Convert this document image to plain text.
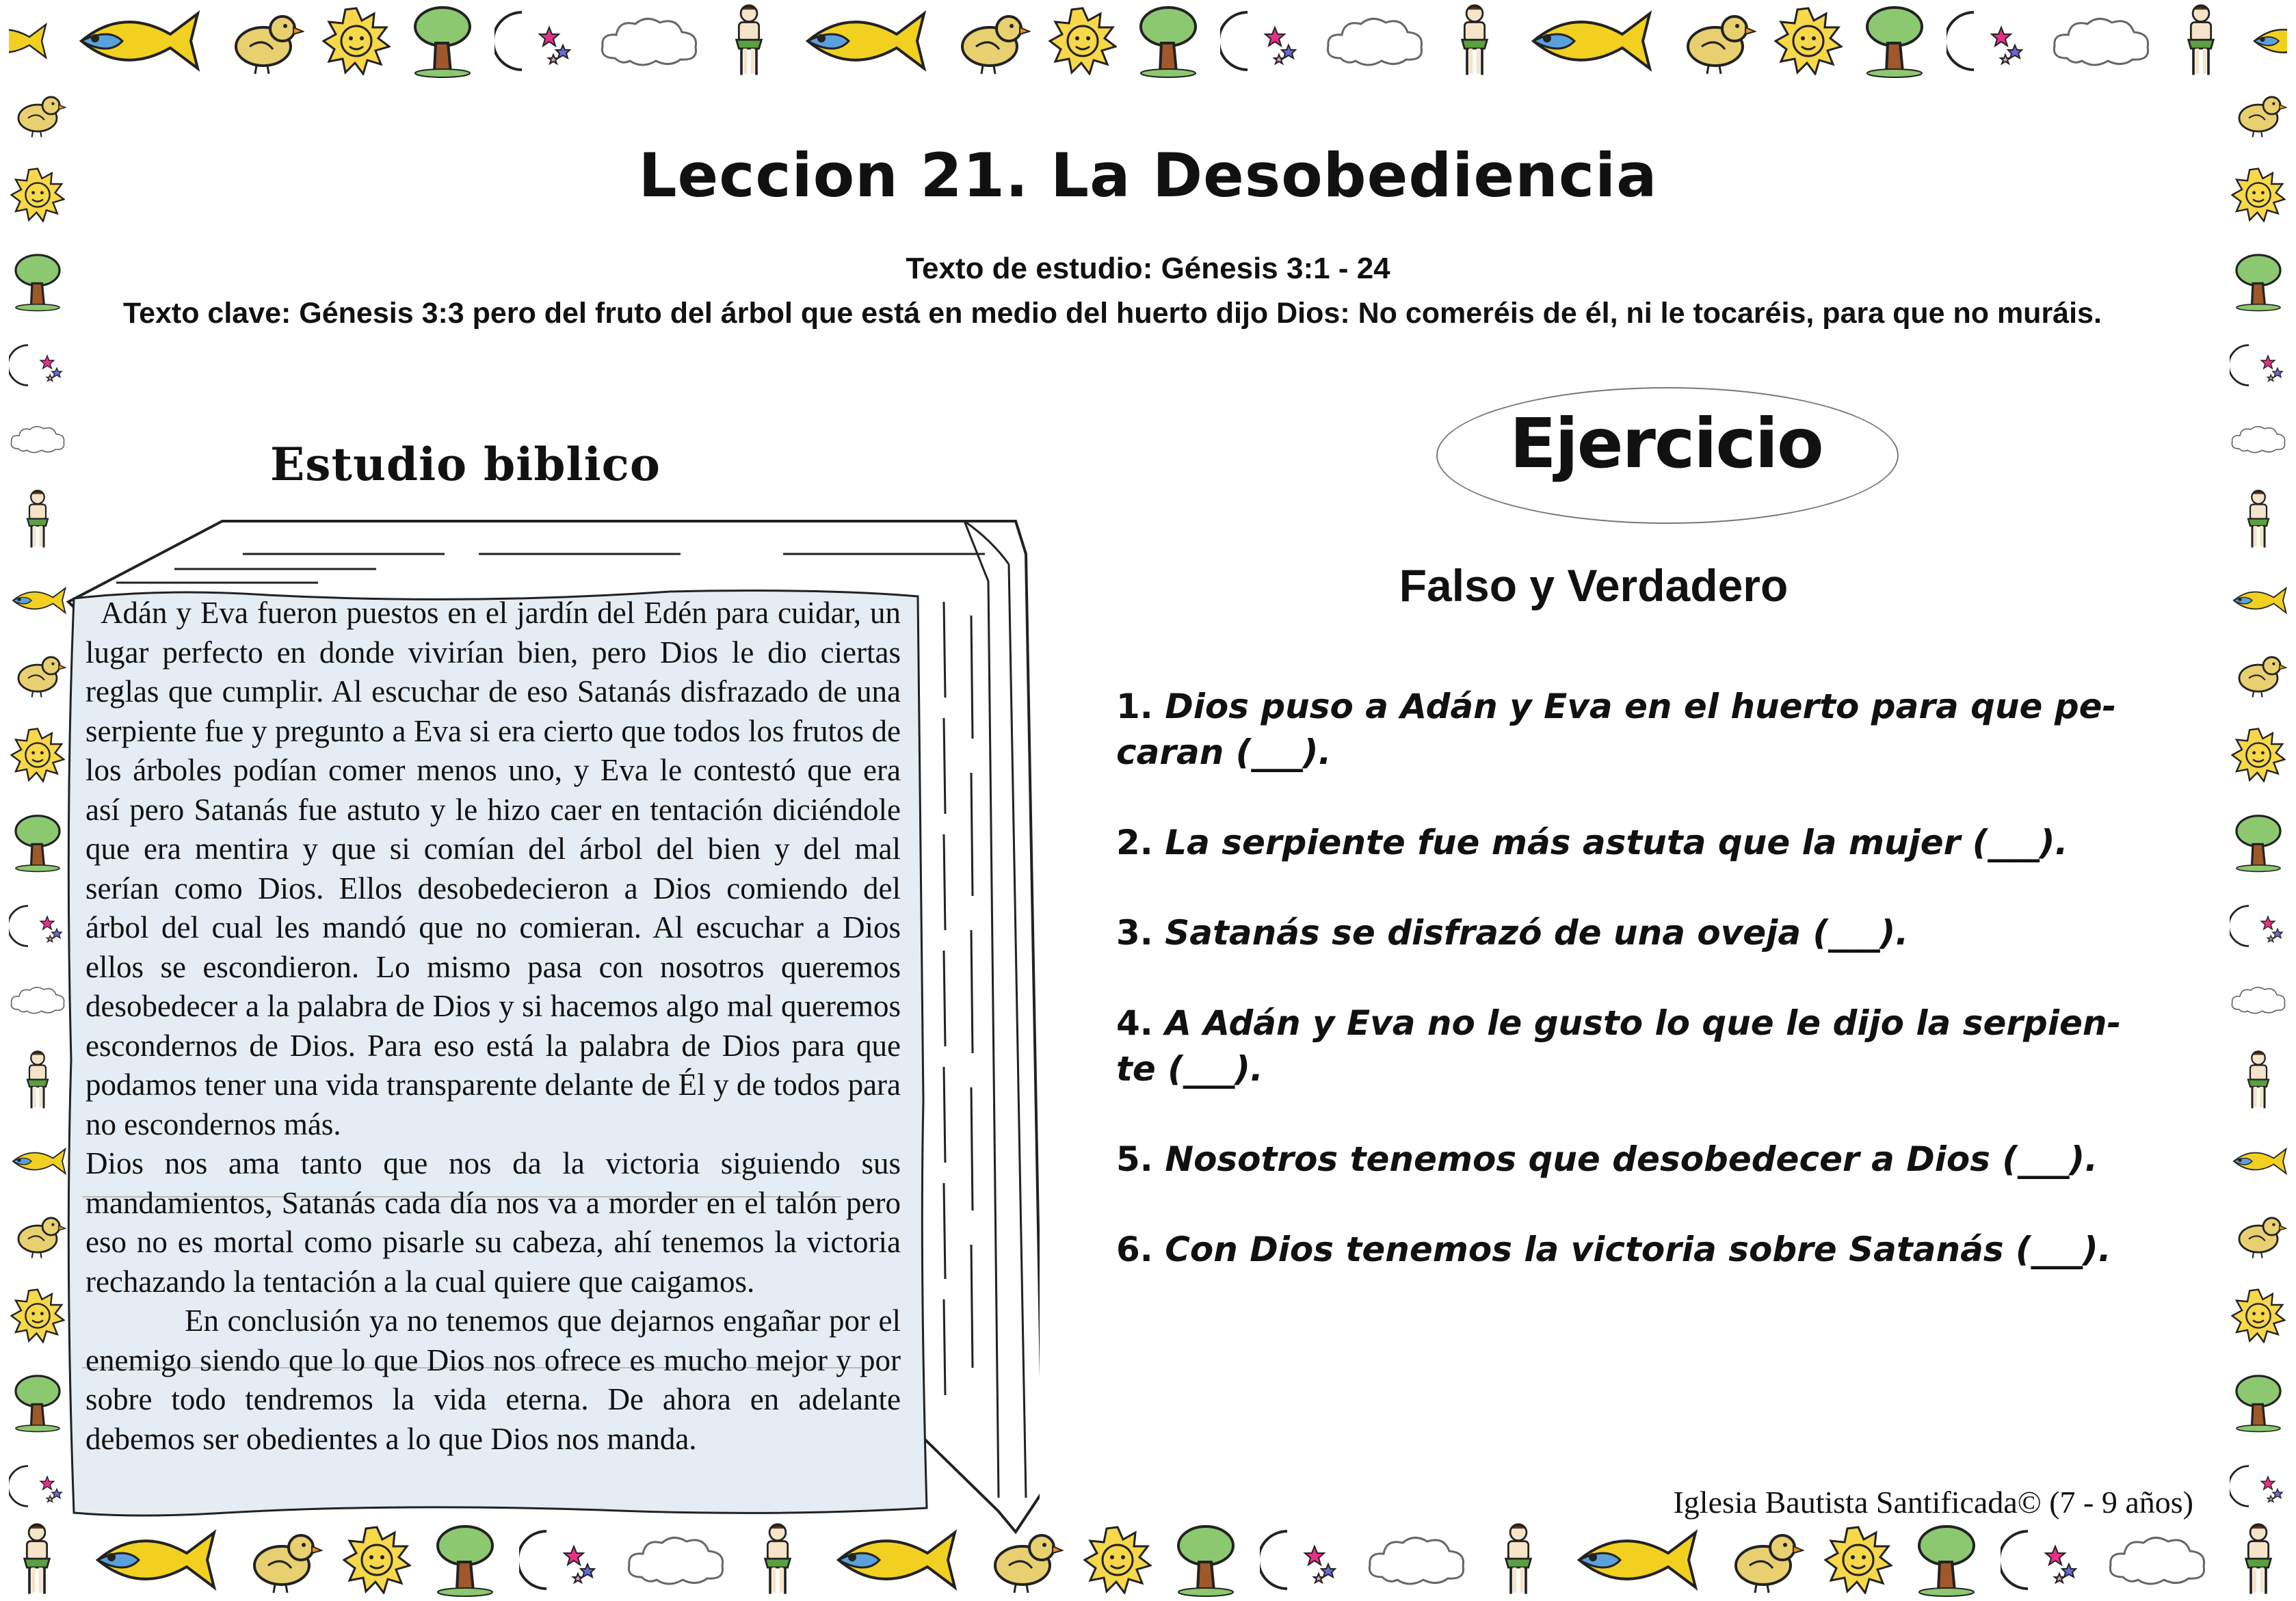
Leccion 21. La Desobediencia
Texto de estudio: Génesis 3:1 - 24
Texto clave: Génesis 3:3 pero del fruto del árbol que está en medio del huerto dijo Dios: No comeréis de él, ni le tocaréis, para que no muráis.
Estudio biblico

Adán y Eva fueron puestos en el jardín del Edén para cuidar, un lugar perfecto en donde vivirían bien, pero Dios le dio ciertas reglas que cumplir. Al escuchar de eso Satanás disfrazado de una serpiente fue y pregunto a Eva si era cierto que todos los frutos de los árboles podían comer menos uno, y Eva le contestó que era así pero Satanás fue astuto y le hizo caer en tentación diciéndole que era mentira y que si comían del árbol del bien y del mal serían como Dios. Ellos desobedecieron a Dios comiendo del árbol del cual les mandó que no comieran. Al escuchar a Dios ellos se escondieron. Lo mismo pasa con nosotros queremos desobedecer a la palabra de Dios y si hacemos algo mal queremos escondernos de Dios. Para eso está la palabra de Dios para que podamos tener una vida transparente delante de Él y de todos para no escondernos más.

Dios nos ama tanto que nos da la victoria siguiendo sus mandamientos, Satanás cada día nos va a morder en el talón pero eso no es mortal como pisarle su cabeza, ahí tenemos la victoria rechazando la tentación a la cual quiere que caigamos.

En conclusión ya no tenemos que dejarnos engañar por el enemigo siendo que lo que Dios nos ofrece es mucho mejor y por sobre todo tendremos la vida eterna. De ahora en adelante debemos ser obedientes a lo que Dios nos manda.

Ejercicio
Falso y Verdadero

1. Dios puso a Adán y Eva en el huerto para que pe-caran (___).

2. La serpiente fue más astuta que la mujer (___).

3. Satanás se disfrazó de una oveja (___).

4. A Adán y Eva no le gusto lo que le dijo la serpien-te (___).

5. Nosotros tenemos que desobedecer a Dios (___).

6. Con Dios tenemos la victoria sobre Satanás (___).

Iglesia Bautista Santificada© (7 - 9 años)
